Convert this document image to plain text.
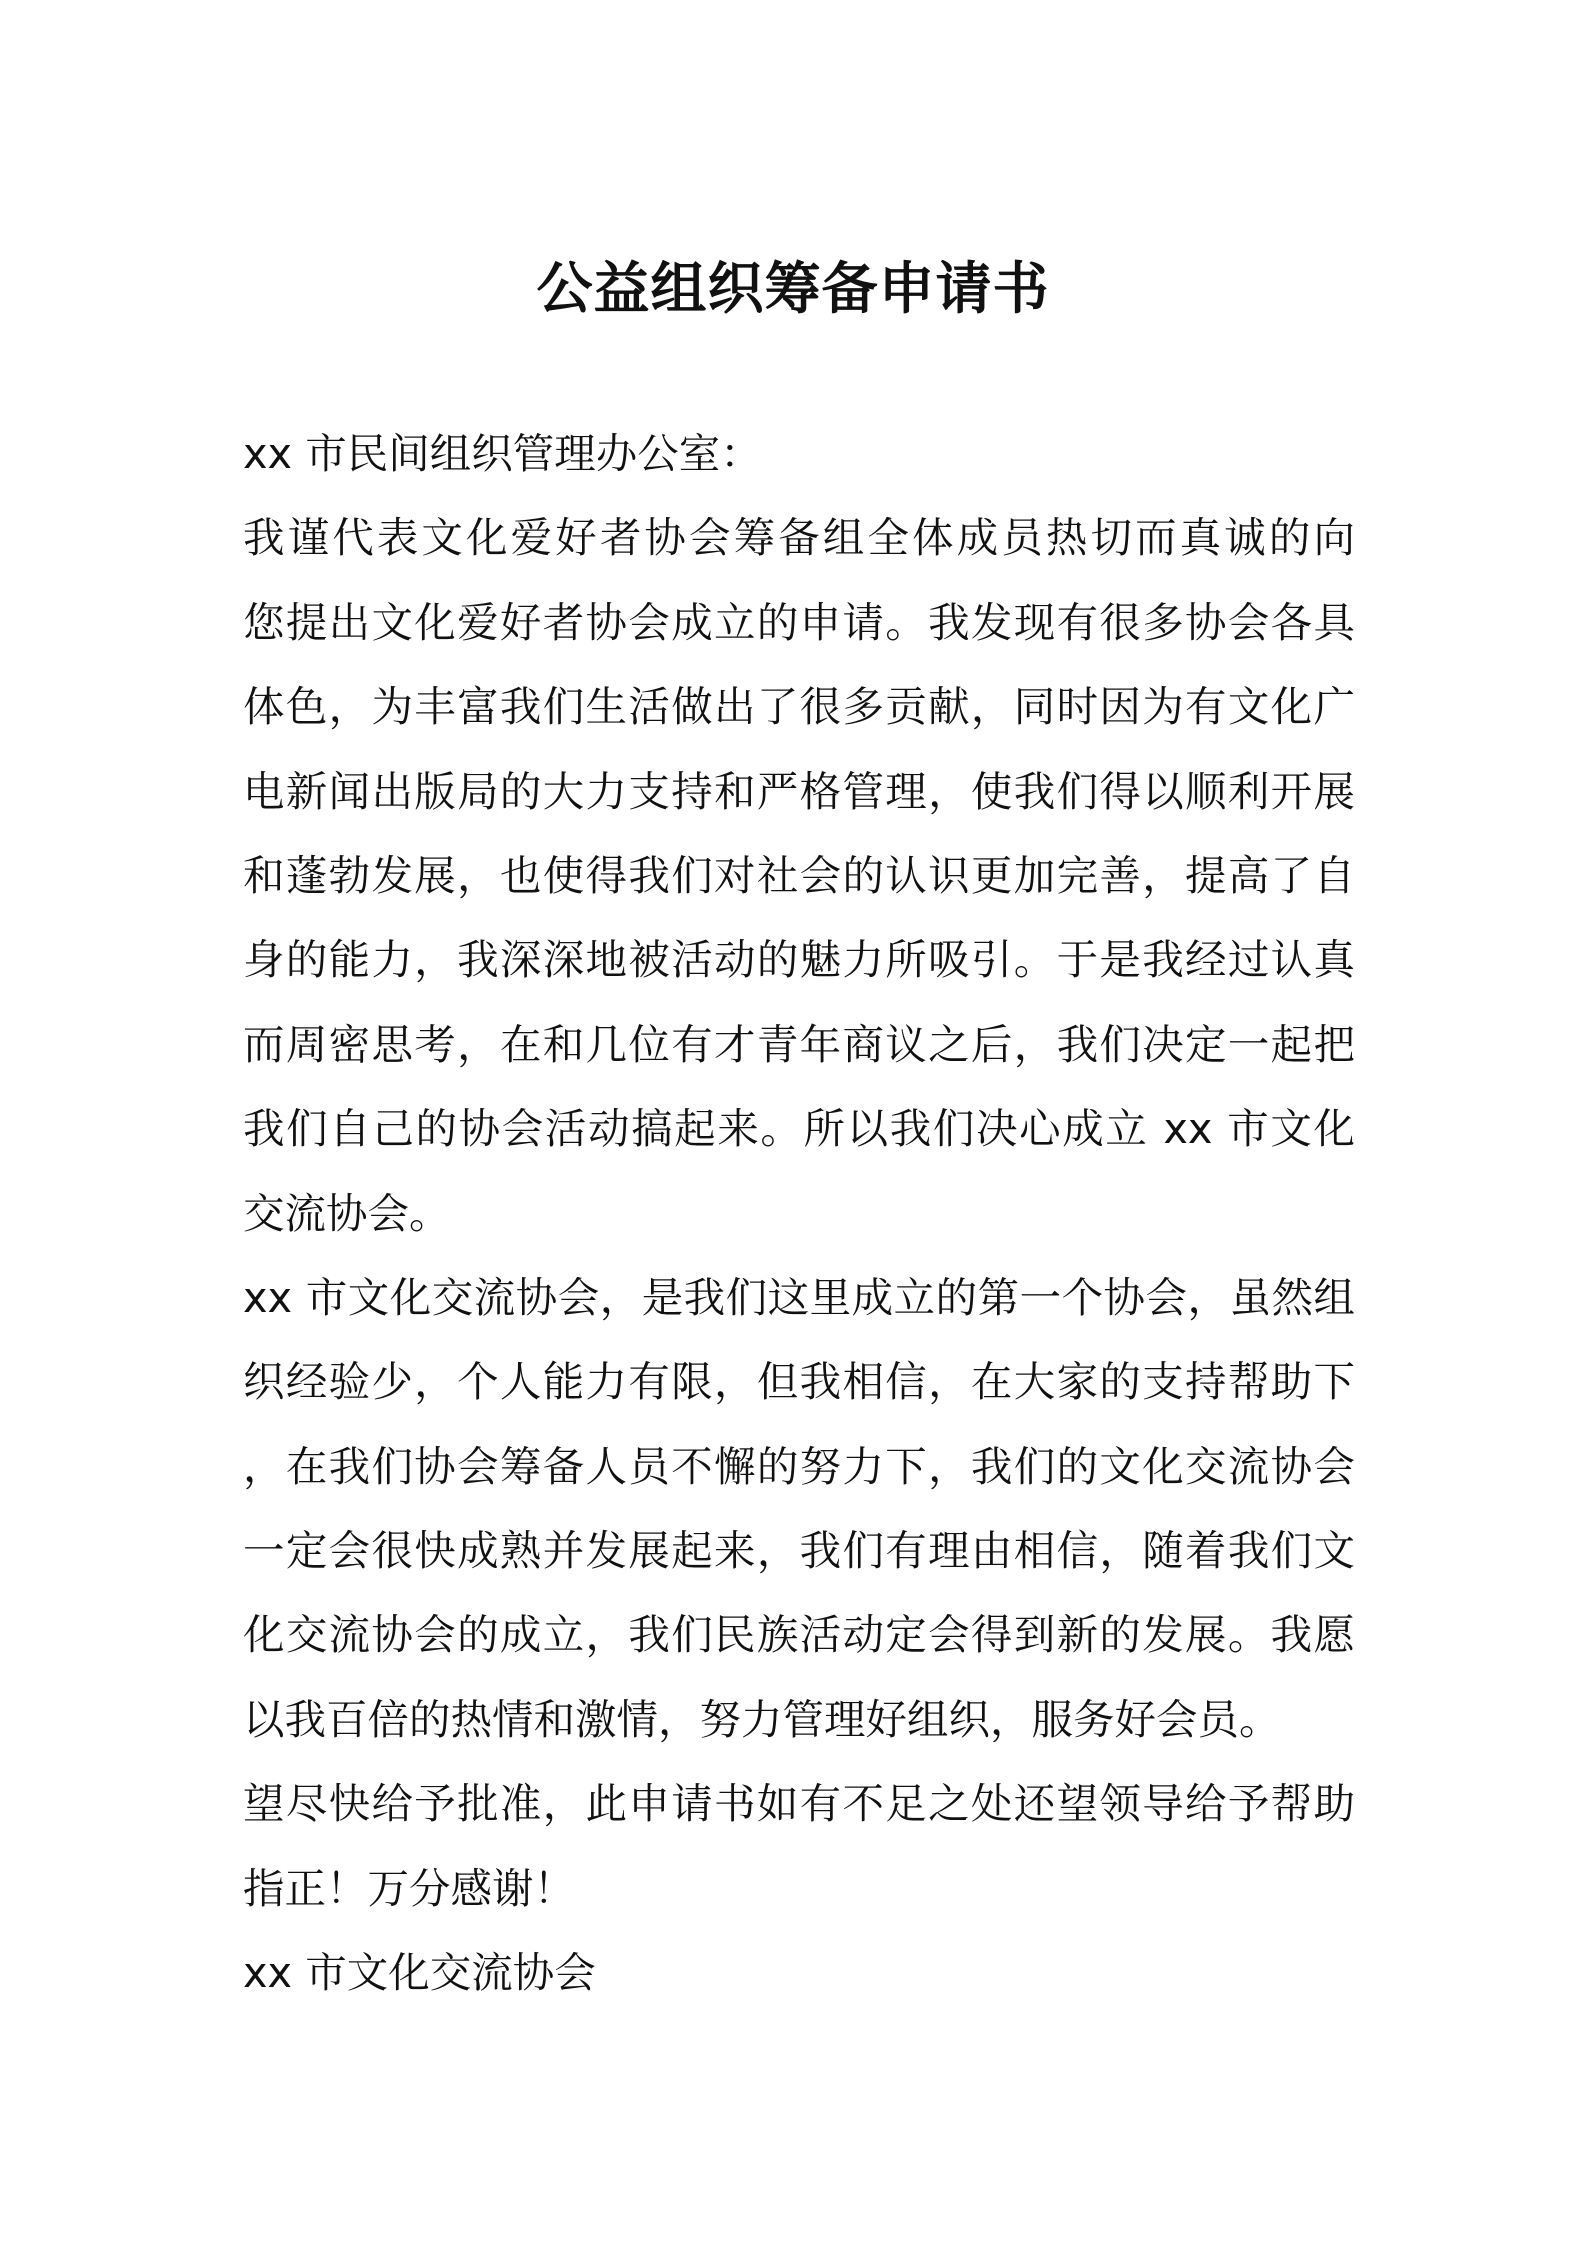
公益组织筹备申请书
xx 市民间组织管理办公室：
我谨代表文化爱好者协会筹备组全体成员热切而真诚的向
您提出文化爱好者协会成立的申请。我发现有很多协会各具
体色，为丰富我们生活做出了很多贡献，同时因为有文化广
电新闻出版局的大力支持和严格管理，使我们得以顺利开展
和蓬勃发展，也使得我们对社会的认识更加完善，提高了自
身的能力，我深深地被活动的魅力所吸引。于是我经过认真
而周密思考，在和几位有才青年商议之后，我们决定一起把
我们自己的协会活动搞起来。所以我们决心成立 xx 市文化
交流协会。
xx 市文化交流协会，是我们这里成立的第一个协会，虽然组
织经验少，个人能力有限，但我相信，在大家的支持帮助下
，在我们协会筹备人员不懈的努力下，我们的文化交流协会
一定会很快成熟并发展起来，我们有理由相信，随着我们文
化交流协会的成立，我们民族活动定会得到新的发展。我愿
以我百倍的热情和激情，努力管理好组织，服务好会员。
望尽快给予批准，此申请书如有不足之处还望领导给予帮助
指正！万分感谢！
xx 市文化交流协会
